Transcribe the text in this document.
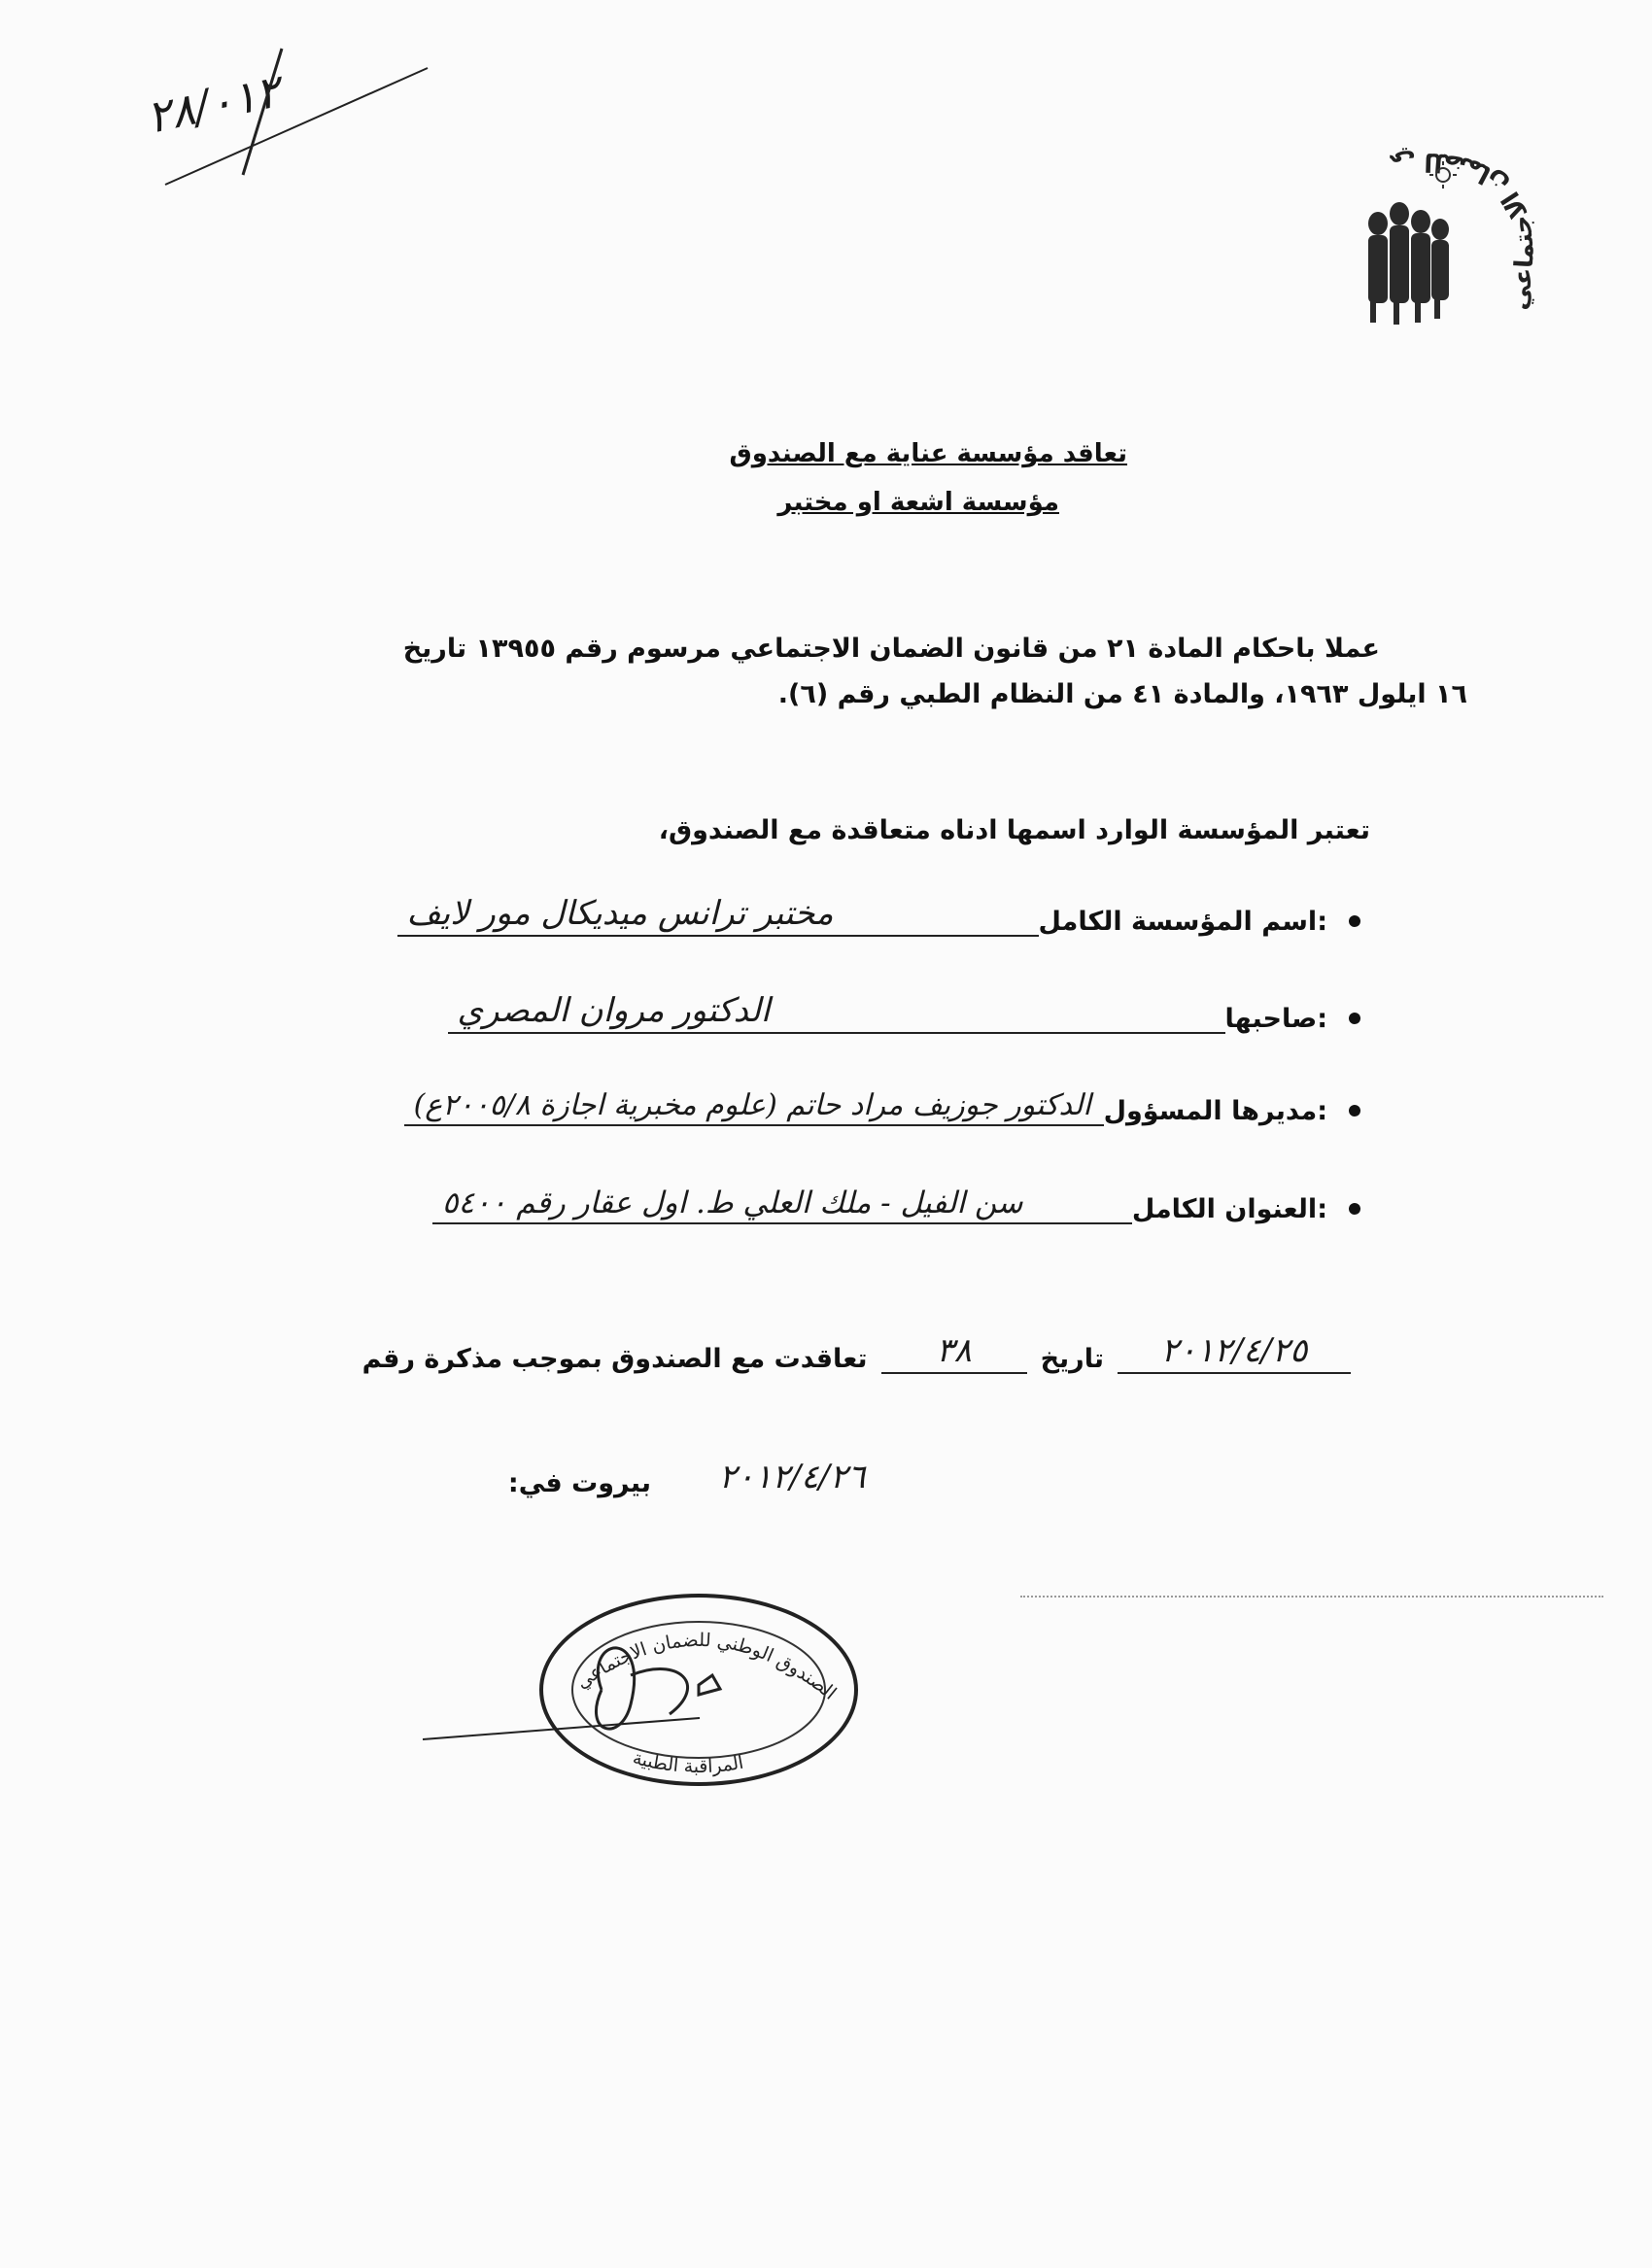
ي للضمان الاجتماعي
٢٨/٠١٢
تعاقد مؤسسة عناية مع الصندوق
مؤسسة اشعة او مختبر
عملا باحكام المادة ٢١ من قانون الضمان الاجتماعي مرسوم رقم ١٣٩٥٥ تاريخ
١٦ ايلول ١٩٦٣، والمادة ٤١ من النظام الطبي رقم (٦).
تعتبر المؤسسة الوارد اسمها ادناه متعاقدة مع الصندوق،
اسم المؤسسة الكامل:
مختبر ترانس ميديكال مور لايف
صاحبها:
الدكتور مروان المصري
مديرها المسؤول:
الدكتور جوزيف مراد حاتم (علوم مخبرية اجازة ٢٠٠٥/٨ع)
العنوان الكامل:
سن الفيل - ملك العلي ط. اول عقار رقم ٥٤٠٠
تعاقدت مع الصندوق بموجب مذكرة رقم	٣٨	تاريخ	٢٠١٢/٤/٢٥
بيروت في:	٢٠١٢/٤/٢٦
الصندوق الوطني للضمان الاجتماعي
المراقبة الطبية
